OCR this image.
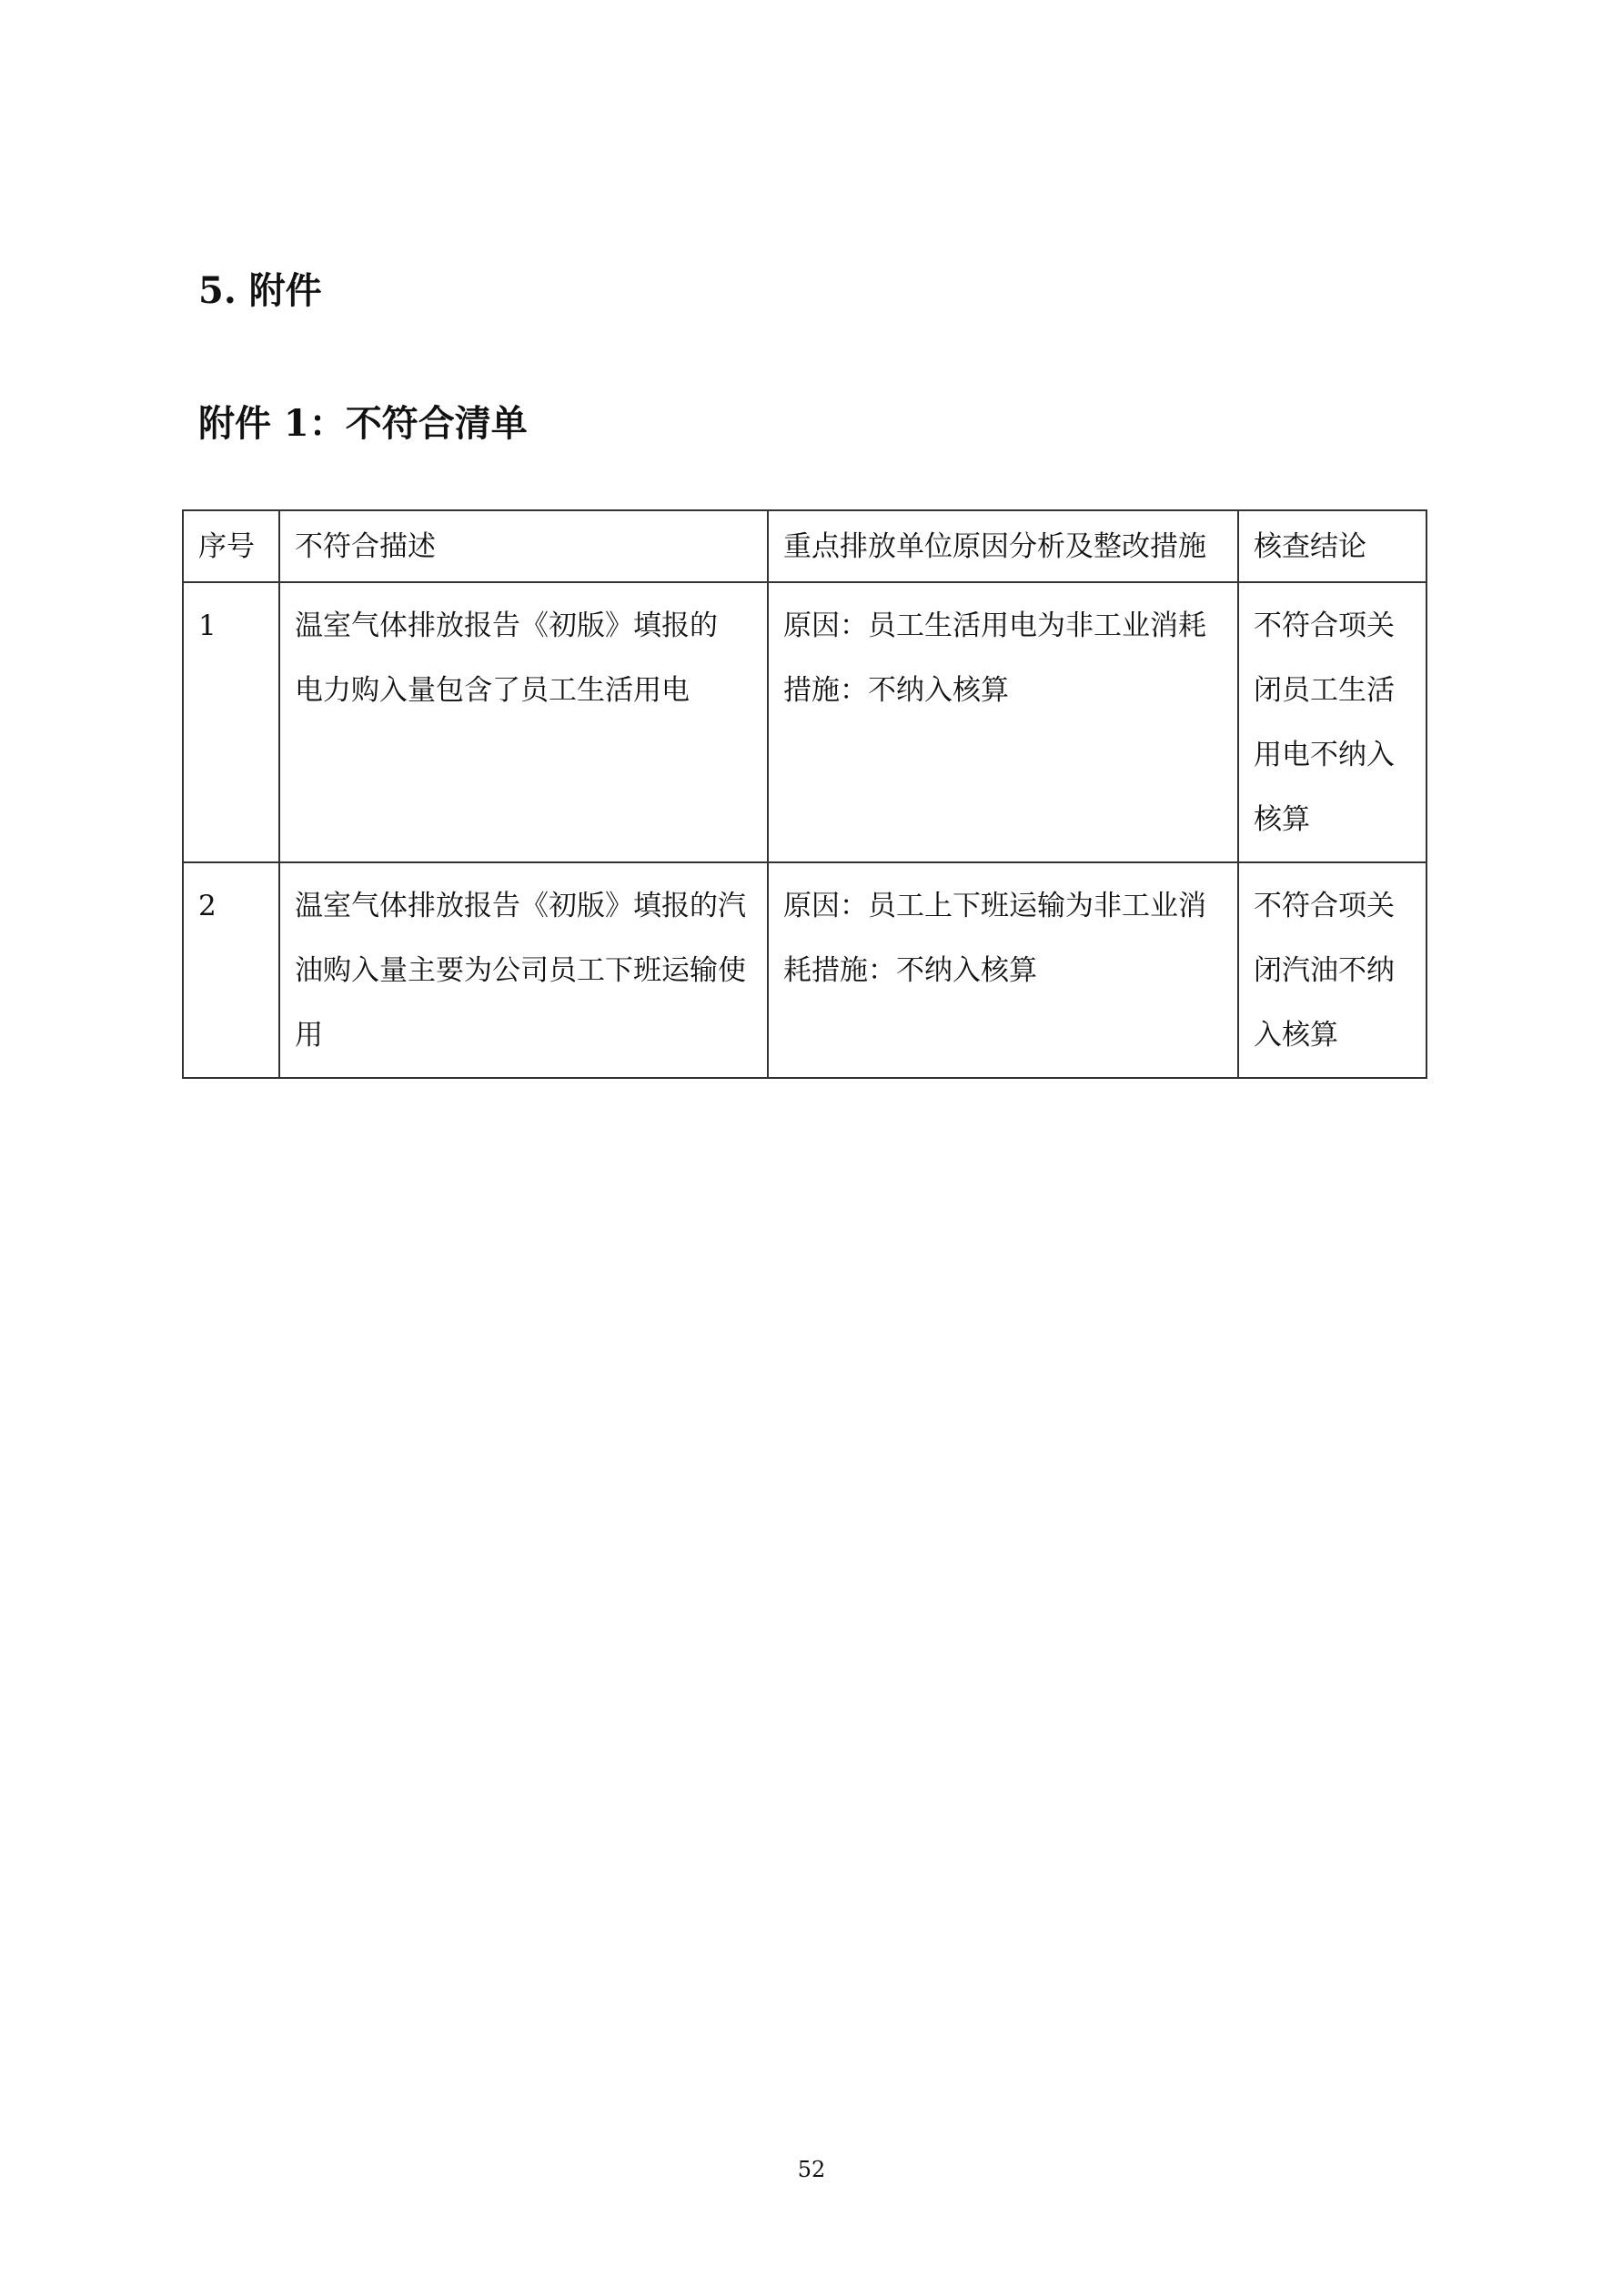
5. 附件
附件 1：不符合清单
序号	不符合描述	重点排放单位原因分析及整改措施	核查结论
1	温室气体排放报告《初版》填报的 电力购入量包含了员工生活用电	原因：员工生活用电为非工业消耗措施：不纳入核算	不符合项关闭员工生活用电不纳入核算
2	温室气体排放报告《初版》填报的汽油购入量主要为公司员工下班运输使用	原因：员工上下班运输为非工业消耗措施：不纳入核算	不符合项关闭汽油不纳入核算
52
